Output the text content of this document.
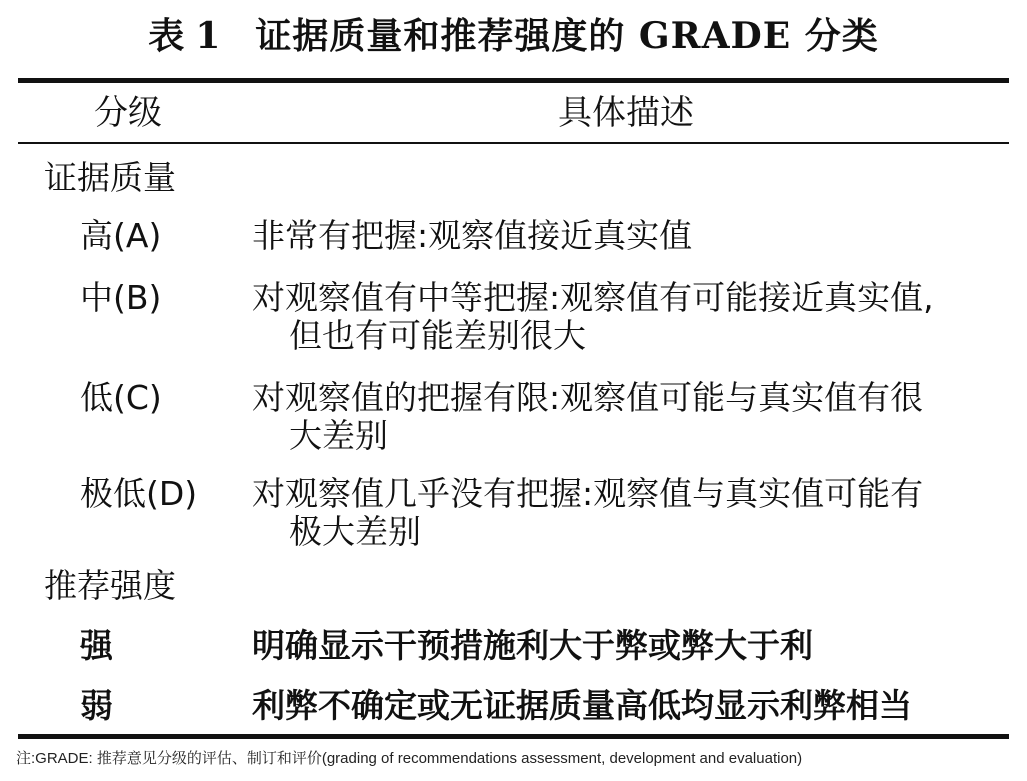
表 1 证据质量和推荐强度的 GRADE 分类
分级	具体描述
证据质量
高(A)	非常有把握:观察值接近真实值
中(B)	对观察值有中等把握:观察值有可能接近真实值,
但也有可能差别很大
低(C)	对观察值的把握有限:观察值可能与真实值有很
大差别
极低(D) 对观察值几乎没有把握:观察值与真实值可能有
极大差别
推荐强度
强	明确显示干预措施利大于弊或弊大于利
弱	利弊不确定或无证据质量高低均显示利弊相当
注:GRADE: 推荐意见分级的评估、制订和评价(grading of recommendations assessment, development and evaluation)
